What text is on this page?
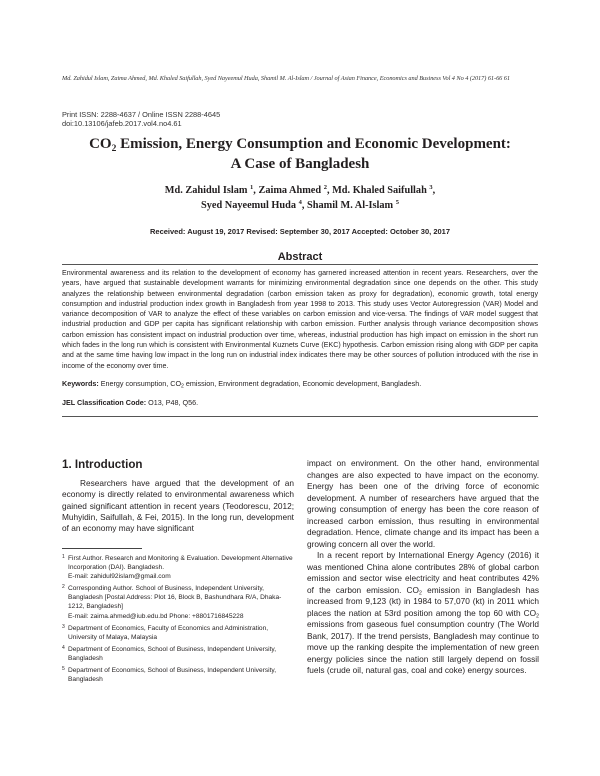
Md. Zahidul Islam, Zaima Ahmed, Md. Khaled Saifullah, Syed Nayeemul Huda, Shamil M. Al-Islam / Journal of Asian Finance, Economics and Business Vol 4 No 4 (2017) 61-66 61
Print ISSN: 2288-4637 / Online ISSN 2288-4645
doi:10.13106/jafeb.2017.vol4.no4.61
$CO_2$ Emission, Energy Consumption and Economic Development:
A Case of Bangladesh
Md. Zahidul Islam $^1$, Zaima Ahmed $^2$, Md. Khaled Saifullah $^3$,
Syed Nayeemul Huda $^4$, Shamil M. Al-Islam $^5$
Received: August 19, 2017 Revised: September 30, 2017 Accepted: October 30, 2017
Abstract
Environmental awareness and its relation to the development of economy has garnered increased attention in recent years. Researchers, over the years, have argued that sustainable development warrants for minimizing environmental degradation since one depends on the other. This study analyzes the relationship between environmental degradation (carbon emission taken as proxy for degradation), economic growth, total energy consumption and industrial production index growth in Bangladesh from year 1998 to 2013. This study uses Vector Autoregression (VAR) Model and variance decomposition of VAR to analyze the effect of these variables on carbon emission and vice-versa. The findings of VAR model suggest that industrial production and GDP per capita has significant relationship with carbon emission. Further analysis through variance decomposition shows carbon emission has consistent impact on industrial production over time, whereas, industrial production has high impact on emission in the short run which fades in the long run which is consistent with Environmental Kuznets Curve (EKC) hypothesis. Carbon emission rising along with GDP per capita and at the same time having low impact in the long run on industrial index indicates there may be other sources of pollution introduced with the rise in income of the economy over time.
Keywords: Energy consumption, $CO_2$ emission, Environment degradation, Economic development, Bangladesh.
JEL Classification Code: O13, P48, Q56.
1. Introduction

Researchers have argued that the development of an economy is directly related to environmental awareness which gained significant attention in recent years (Teodorescu, 2012; Muhyidin, Saifullah, & Fei, 2015). In the long run, development of an economy may have significant

1 First Author. Research and Monitoring & Evaluation. Development Alternative Incorporation (DAI). Bangladesh.
E-mail: zahidul92islam@gmail.com
2 Corresponding Author. School of Business, Independent University, Bangladesh [Postal Address: Plot 16, Block B, Bashundhara R/A, Dhaka-1212, Bangladesh]
E-mail: zaima.ahmed@iub.edu.bd Phone: +8801716845228
3 Department of Economics, Faculty of Economics and Administration, University of Malaya, Malaysia
4 Department of Economics, School of Business, Independent University, Bangladesh
5 Department of Economics, School of Business, Independent University, Bangladesh

impact on environment. On the other hand, environmental changes are also expected to have impact on the economy. Energy has been one of the driving force of economic development. A number of researchers have argued that the growing consumption of energy has been the core reason of increased carbon emission, thus resulting in environmental degradation. Hence, climate change and its impact has been a growing concern all over the world.

In a recent report by International Energy Agency (2016) it was mentioned China alone contributes 28% of global carbon emission and sector wise electricity and heat contributes 42% of the carbon emission. $CO_2$ emission in Bangladesh has increased from 9,123 (kt) in 1984 to 57,070 (kt) in 2011 which places the nation at 53rd position among the top 60 with $CO_2$ emissions from gaseous fuel consumption country (The World Bank, 2017). If the trend persists, Bangladesh may continue to move up the ranking despite the implementation of new green energy policies since the nation still largely depend on fossil fuels (crude oil, natural gas, coal and coke) energy sources.
